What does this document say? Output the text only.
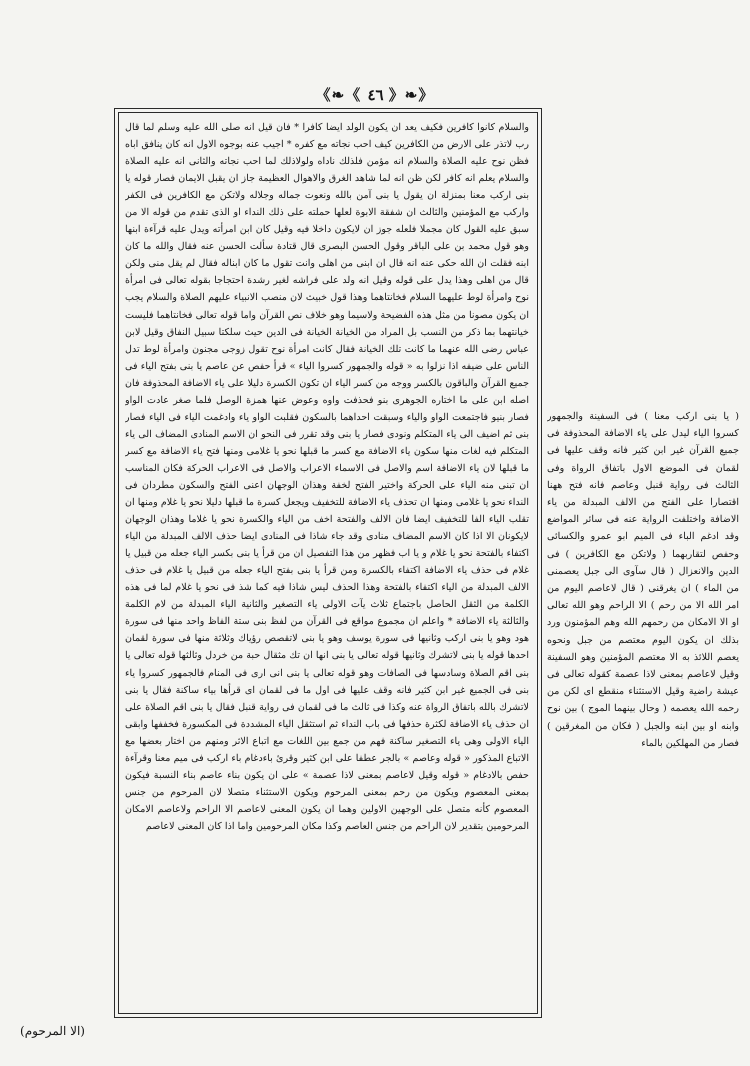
《❧《 ٤٦ 》❧》

والسلام كانوا كافرين فكيف يعد ان يكون الولد ايضا كافرا * فان قيل انه صلى الله عليه وسلم لما قال رب لاتذر على الارض من الكافرين كيف احب نجاته مع كفره * اجيب عنه بوجوه الاول انه كان ينافق اباه فظن نوح عليه الصلاة والسلام انه مؤمن فلذلك ناداه ولولاذلك لما احب نجاته والثانى انه عليه الصلاة والسلام يعلم انه كافر لكن ظن انه لما شاهد الغرق والاهوال العظيمة جاز ان يقبل الايمان فصار قوله يا بنى اركب معنا بمنزلة ان يقول يا بنى آمن بالله ونعوت جماله وجلاله ولاتكن مع الكافرين فى الكفر واركب مع المؤمنين والثالث ان شفقة الابوة لعلها حملته على ذلك النداء او الذى تقدم من قوله الا من سبق عليه القول كان مجملا فلعله جوز ان لايكون داخلا فيه وقيل كان ابن امرأته ويدل عليه قرآءة ابنها وهو قول محمد بن على الباقر وقول الحسن البصرى قال قتادة سألت الحسن عنه فقال والله ما كان ابنه فقلت ان الله حكى عنه انه قال ان ابنى من اهلى وانت تقول ما كان ابناله فقال لم يقل منى ولكن قال من اهلى وهذا يدل على قوله وقيل انه ولد على فراشه لغير رشدة احتجاجا بقوله تعالى فى امرأة نوح وامرأة لوط عليهما السلام فخانتاهما وهذا قول خبيث لان منصب الانبياء عليهم الصلاة والسلام يجب ان يكون مصونا من مثل هذه الفضيحة ولاسيما وهو خلاف نص القرآن واما قوله تعالى فخانتاهما فليست خيانتهما بما ذكر من النسب بل المراد من الخيانة الخيانة فى الدين حيث سلكتا سبيل النفاق وقيل لابن عباس رضى الله عنهما ما كانت تلك الخيانة فقال كانت امرأة نوح تقول زوجى مجنون وامرأة لوط تدل الناس على ضيفه اذا نزلوا به « قوله والجمهور كسروا الياء » قرأ حفص عن عاصم يا بنى بفتح الياء فى جميع القرآن والباقون بالكسر ووجه من كسر الياء ان تكون الكسرة دليلا على ياء الاضافة المحذوفة فان اصله ابن على ما اختاره الجوهرى بنو فحذفت واوه وعوض عنها همزة الوصل فلما صغر عادت الواو فصار بنيو فاجتمعت الواو والياء وسبقت احداهما بالسكون فقلبت الواو ياء وادغمت الياء فى الياء فصار بنى ثم اضيف الى ياء المتكلم ونودى فصار يا بنى وقد تقرر فى النحو ان الاسم المنادى المضاف الى ياء المتكلم فيه لغات منها سكون ياء الاضافة مع كسر ما قبلها نحو يا غلامى ومنها فتح ياء الاضافة مع كسر ما قبلها لان ياء الاضافة اسم والاصل فى الاسماء الاعراب والاصل فى الاعراب الحركة فكان المناسب ان تبنى منه الياء على الحركة واختير الفتح لخفة وهذان الوجهان اعنى الفتح والسكون مطردان فى النداء نحو يا غلامى ومنها ان تحذف ياء الاضافة للتخفيف ويجعل كسرة ما قبلها دليلا نحو يا غلام ومنها ان تقلب الياء الفا للتخفيف ايضا فان الالف والفتحة اخف من الياء والكسرة نحو يا غلاما وهذان الوجهان لايكونان الا اذا كان الاسم المضاف منادى وقد جاء شاذا فى المنادى ايضا حذف الالف المبدلة من الياء اكتفاء بالفتحة نحو يا غلام و يا اب فظهر من هذا التفصيل ان من قرأ يا بنى بكسر الياء جعله من قبيل يا غلام فى حذف ياء الاضافة اكتفاء بالكسرة ومن قرأ يا بنى بفتح الياء جعله من قبيل يا غلام فى حذف الالف المبدلة من الياء اكتفاء بالفتحة وهذا الحذف ليس شاذا فيه كما شذ فى نحو يا غلام لما فى هذه الكلمة من الثقل الحاصل باجتماع ثلاث يآت الاولى ياء التصغير والثانية الياء المبدلة من لام الكلمة والثالثة ياء الاضافة * واعلم ان مجموع مواقع فى القرآن من لفظ بنى ستة الفاظ واحد منها فى سورة هود وهو يا بنى اركب وثانيها فى سورة يوسف وهو يا بنى لاتقصص رؤياك وثلاثة منها فى سورة لقمان احدها قوله يا بنى لاتشرك وثانيها قوله تعالى يا بنى انها ان تك مثقال حبة من خردل وثالثها قوله تعالى يا بنى اقم الصلاة وسادسها فى الصافات وهو قوله تعالى يا بنى انى ارى فى المنام فالجمهور كسروا ياء بنى فى الجميع غير ابن كثير فانه وقف عليها فى اول ما فى لقمان اى قرأها بياء ساكنة فقال يا بنى لاتشرك بالله باتفاق الرواة عنه وكذا فى ثالث ما فى لقمان فى رواية قنبل فقال يا بنى اقم الصلاة على ان حذف ياء الاضافة لكثرة حذفها فى باب النداء ثم استثقل الياء المشددة فى المكسورة فخففها وابقى الياء الاولى وهى ياء التصغير ساكنة فهم من جمع بين اللغات مع اتباع الاثر ومنهم من اختار بعضها مع الاتباع المذكور « قوله وعاصم » بالجر عطفا على ابن كثير وقرئ باءدغام باء اركب فى ميم معنا وقرآءة حفص بالادغام « قوله وقيل لاعاصم بمعنى لاذا عصمة » على ان يكون بناء عاصم بناء النسبة فيكون بمعنى المعصوم ويكون من رحم بمعنى المرحوم ويكون الاستثناء متصلا لان المرحوم من جنس المعصوم كأنه متصل على الوجهين الاولين وهما ان يكون المعنى لاعاصم الا الراحم ولاعاصم الامكان المرحومين بتقدير لان الراحم من جنس العاصم وكذا مكان المرحومين واما اذا كان المعنى لاعاصم

( يا بنى اركب معنا ) فى السفينة والجمهور كسروا الياء ليدل على ياء الاضافة المحذوفة فى جميع القرآن غير ابن كثير فانه وقف عليها فى لقمان فى الموضع الاول باتفاق الرواة وفى الثالث فى رواية قنبل وعاصم فانه فتح ههنا اقتصارا على الفتح من الالف المبدلة من ياء الاضافة واختلفت الرواية عنه فى سائر المواضع وقد ادغم الباء فى الميم ابو عمرو والكسائى وحفص لتقاربهما ( ولاتكن مع الكافرين ) فى الدين والانعزال ( قال سآوى الى جبل يعصمنى من الماء ) ان يغرقنى ( قال لاعاصم اليوم من امر الله الا من رحم ) الا الراحم وهو الله تعالى او الا الامكان من رحمهم الله وهم المؤمنون ورد بذلك ان يكون اليوم معتصم من جبل ونحوه يعصم اللائذ به الا معتصم المؤمنين وهو السفينة وقيل لاعاصم بمعنى لاذا عصمة كقوله تعالى فى عيشة راضية وقيل الاستثناء منقطع اى لكن من رحمه الله يعصمه ( وحال بينهما الموج ) بين نوح وابنه او بين ابنه والجبل ( فكان من المغرقين ) فصار من المهلكين بالماء

(الا المرحوم)
